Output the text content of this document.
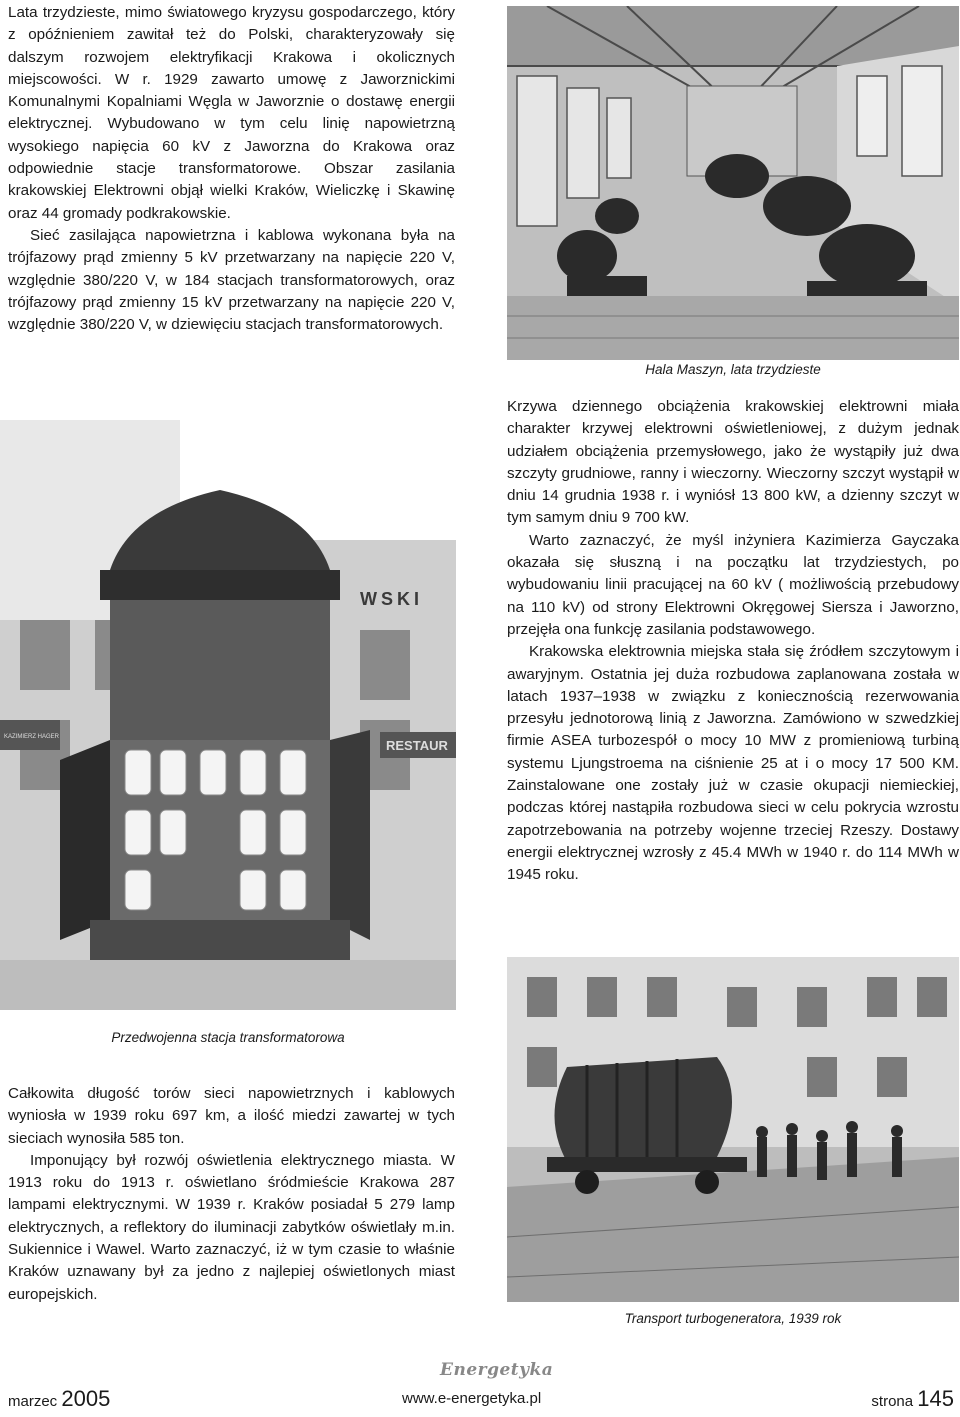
Lata trzydzieste, mimo światowego kryzysu gospodarczego, który z opóźnieniem zawitał też do Polski, charakteryzowały się dalszym rozwojem elektryfikacji Krakowa i okolicznych miejscowości. W r. 1929 zawarto umowę z Jaworznickimi Komunalnymi Kopalniami Węgla w Jaworznie o dostawę energii elektrycznej. Wybudowano w tym celu linię napowietrzną wysokiego napięcia 60 kV z Jaworzna do Krakowa oraz odpowiednie stacje transformatorowe. Obszar zasilania krakowskiej Elektrowni objął wielki Kraków, Wieliczkę i Skawinę oraz 44 gromady podkrakowskie.

Sieć zasilająca napowietrzna i kablowa wykonana była na trójfazowy prąd zmienny 5 kV przetwarzany na napięcie 220 V, względnie 380/220 V, w 184 stacjach transformatorowych, oraz trójfazowy prąd zmienny 15 kV przetwarzany na napięcie 220 V, względnie 380/220 V, w dziewięciu stacjach transformatorowych.

Hala Maszyn, lata trzydzieste

Krzywa dziennego obciążenia krakowskiej elektrowni miała charakter krzywej elektrowni oświetleniowej, z dużym jednak udziałem obciążenia przemysłowego, jako że wystąpiły już dwa szczyty grudniowe, ranny i wieczorny. Wieczorny szczyt wystąpił w dniu 14 grudnia 1938 r. i wyniósł 13 800 kW, a dzienny szczyt w tym samym dniu 9 700 kW.

Warto zaznaczyć, że myśl inżyniera Kazimierza Gayczaka okazała się słuszną i na początku lat trzydziestych, po wybudowaniu linii pracującej na 60 kV ( możliwością przebudowy na 110 kV) od strony Elektrowni Okręgowej Siersza i Jaworzno, przejęła ona funkcję zasilania podstawowego.

Krakowska elektrownia miejska stała się źródłem szczytowym i awaryjnym. Ostatnia jej duża rozbudowa zaplanowana została w latach 1937–1938 w związku z koniecznością rezerwowania przesyłu jednotorową linią z Jaworzna. Zamówiono w szwedzkiej firmie ASEA turbozespół o mocy 10 MW z promieniową turbiną systemu Ljungstroema na ciśnienie 25 at i o mocy 17 500 KM. Zainstalowane one zostały już w czasie okupacji niemieckiej, podczas której nastąpiła rozbudowa sieci w celu pokrycia wzrostu zapotrzebowania na potrzeby wojenne trzeciej Rzeszy. Dostawy energii elektrycznej wzrosły z 45.4 MWh w 1940 r. do 114 MWh w 1945 roku.

WSKI
KAZIMIERZ HAGER
RESTAUR
Przedwojenna stacja transformatorowa

Całkowita długość torów sieci napowietrznych i kablowych wyniosła w 1939 roku 697 km, a ilość miedzi zawartej w tych sieciach wynosiła 585 ton.

Imponujący był rozwój oświetlenia elektrycznego miasta. W 1913 roku do 1913 r. oświetlano śródmieście Krakowa 287 lampami elektrycznymi. W 1939 r. Kraków posiadał 5 279 lamp elektrycznych, a reflektory do iluminacji zabytków oświetlały m.in. Sukiennice i Wawel. Warto zaznaczyć, iż w tym czasie to właśnie Kraków uznawany był za jedno z najlepiej oświetlonych miast europejskich.

Transport turbogeneratora, 1939 rok
Energetyka
marzec 2005	www.e-energetyka.pl	strona 145
